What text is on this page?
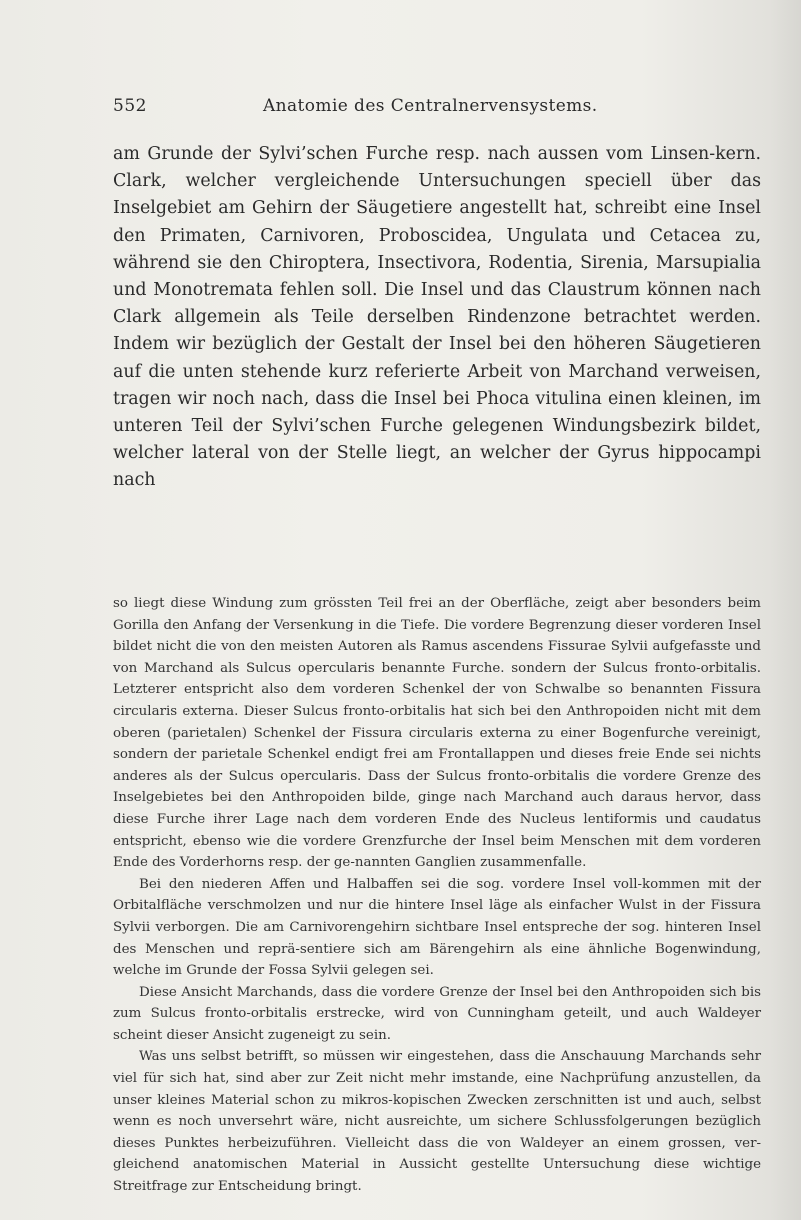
552	Anatomie des Centralnervensystems.

am Grunde der Sylvi’schen Furche resp. nach aussen vom Linsen-kern. Clark, welcher vergleichende Untersuchungen speciell über das Inselgebiet am Gehirn der Säugetiere angestellt hat, schreibt eine Insel den Primaten, Carnivoren, Proboscidea, Ungulata und Cetacea zu, während sie den Chiroptera, Insectivora, Rodentia, Sirenia, Marsupialia und Monotremata fehlen soll. Die Insel und das Claustrum können nach Clark allgemein als Teile derselben Rindenzone betrachtet werden. Indem wir bezüglich der Gestalt der Insel bei den höheren Säugetieren auf die unten stehende kurz referierte Arbeit von Marchand verweisen, tragen wir noch nach, dass die Insel bei Phoca vitulina einen kleinen, im unteren Teil der Sylvi’schen Furche gelegenen Windungsbezirk bildet, welcher lateral von der Stelle liegt, an welcher der Gyrus hippocampi nach

so liegt diese Windung zum grössten Teil frei an der Oberfläche, zeigt aber besonders beim Gorilla den Anfang der Versenkung in die Tiefe. Die vordere Begrenzung dieser vorderen Insel bildet nicht die von den meisten Autoren als Ramus ascendens Fissurae Sylvii aufgefasste und von Marchand als Sulcus opercularis benannte Furche. sondern der Sulcus fronto-orbitalis. Letzterer entspricht also dem vorderen Schenkel der von Schwalbe so benannten Fissura circularis externa. Dieser Sulcus fronto-orbitalis hat sich bei den Anthropoiden nicht mit dem oberen (parietalen) Schenkel der Fissura circularis externa zu einer Bogenfurche vereinigt, sondern der parietale Schenkel endigt frei am Frontallappen und dieses freie Ende sei nichts anderes als der Sulcus opercularis. Dass der Sulcus fronto-orbitalis die vordere Grenze des Inselgebietes bei den Anthropoiden bilde, ginge nach Marchand auch daraus hervor, dass diese Furche ihrer Lage nach dem vorderen Ende des Nucleus lentiformis und caudatus entspricht, ebenso wie die vordere Grenzfurche der Insel beim Menschen mit dem vorderen Ende des Vorderhorns resp. der ge-nannten Ganglien zusammenfalle.

Bei den niederen Affen und Halbaffen sei die sog. vordere Insel voll-kommen mit der Orbitalfläche verschmolzen und nur die hintere Insel läge als einfacher Wulst in der Fissura Sylvii verborgen. Die am Carnivorengehirn sichtbare Insel entspreche der sog. hinteren Insel des Menschen und reprä-sentiere sich am Bärengehirn als eine ähnliche Bogenwindung, welche im Grunde der Fossa Sylvii gelegen sei.

Diese Ansicht Marchands, dass die vordere Grenze der Insel bei den Anthropoiden sich bis zum Sulcus fronto-orbitalis erstrecke, wird von Cunningham geteilt, und auch Waldeyer scheint dieser Ansicht zugeneigt zu sein.

Was uns selbst betrifft, so müssen wir eingestehen, dass die Anschauung Marchands sehr viel für sich hat, sind aber zur Zeit nicht mehr imstande, eine Nachprüfung anzustellen, da unser kleines Material schon zu mikros-kopischen Zwecken zerschnitten ist und auch, selbst wenn es noch unversehrt wäre, nicht ausreichte, um sichere Schlussfolgerungen bezüglich dieses Punktes herbeizuführen. Vielleicht dass die von Waldeyer an einem grossen, ver-gleichend anatomischen Material in Aussicht gestellte Untersuchung diese wichtige Streitfrage zur Entscheidung bringt.
